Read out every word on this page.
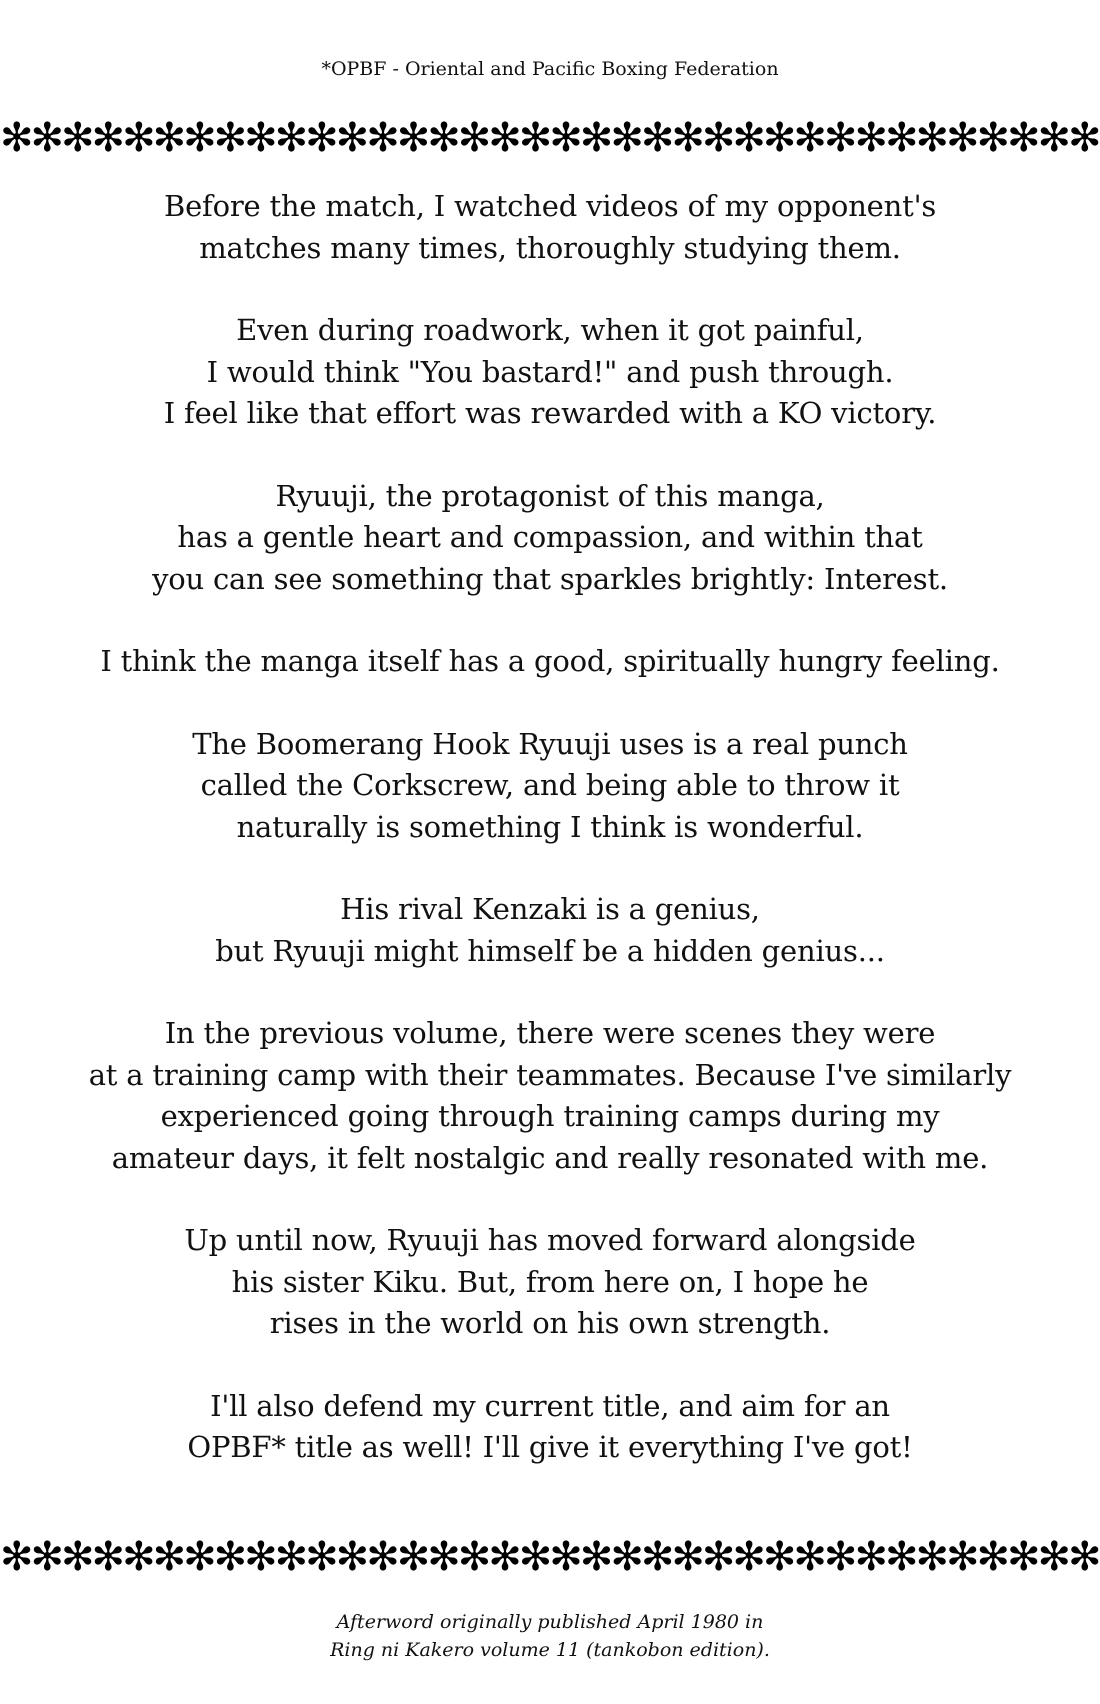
*OPBF - Oriental and Pacific Boxing Federation

✻✻✻✻✻✻✻✻✻✻✻✻✻✻✻✻✻✻✻✻✻✻✻✻✻✻✻✻✻✻✻✻✻✻✻✻

Before the match, I watched videos of my opponent's
matches many times, thoroughly studying them.

Even during roadwork, when it got painful,
I would think "You bastard!" and push through.
I feel like that effort was rewarded with a KO victory.

Ryuuji, the protagonist of this manga,
has a gentle heart and compassion, and within that
you can see something that sparkles brightly: Interest.

I think the manga itself has a good, spiritually hungry feeling.

The Boomerang Hook Ryuuji uses is a real punch
called the Corkscrew, and being able to throw it
naturally is something I think is wonderful.

His rival Kenzaki is a genius,
but Ryuuji might himself be a hidden genius...

In the previous volume, there were scenes they were
at a training camp with their teammates. Because I've similarly
experienced going through training camps during my
amateur days, it felt nostalgic and really resonated with me.

Up until now, Ryuuji has moved forward alongside
his sister Kiku. But, from here on, I hope he
rises in the world on his own strength.

I'll also defend my current title, and aim for an
OPBF* title as well! I'll give it everything I've got!

✻✻✻✻✻✻✻✻✻✻✻✻✻✻✻✻✻✻✻✻✻✻✻✻✻✻✻✻✻✻✻✻✻✻✻✻

Afterword originally published April 1980 in
Ring ni Kakero volume 11 (tankobon edition).
